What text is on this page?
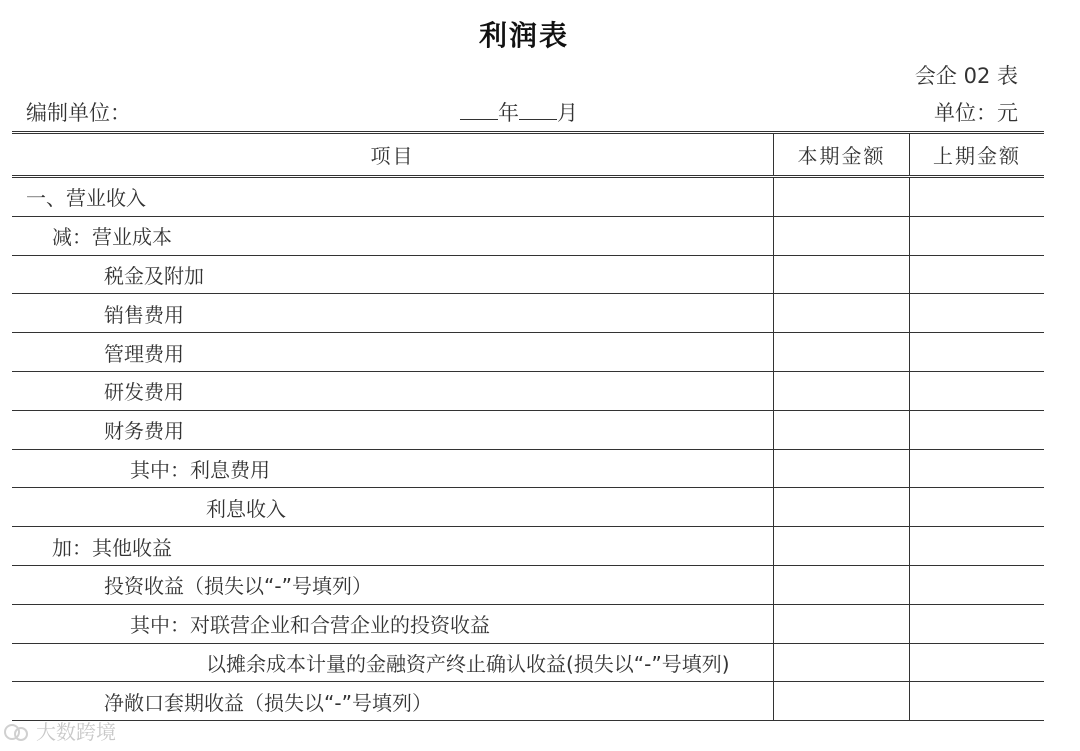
利润表
会企 02 表
编制单位：	年 月	单位：元
项目	本期金额	上期金额
一、营业收入
减：营业成本
税金及附加
销售费用
管理费用
研发费用
财务费用
其中：利息费用
利息收入
加：其他收益
投资收益（损失以“-”号填列）
其中：对联营企业和合营企业的投资收益
以摊余成本计量的金融资产终止确认收益(损失以“-”号填列)
净敞口套期收益（损失以“-”号填列）
大数跨境
